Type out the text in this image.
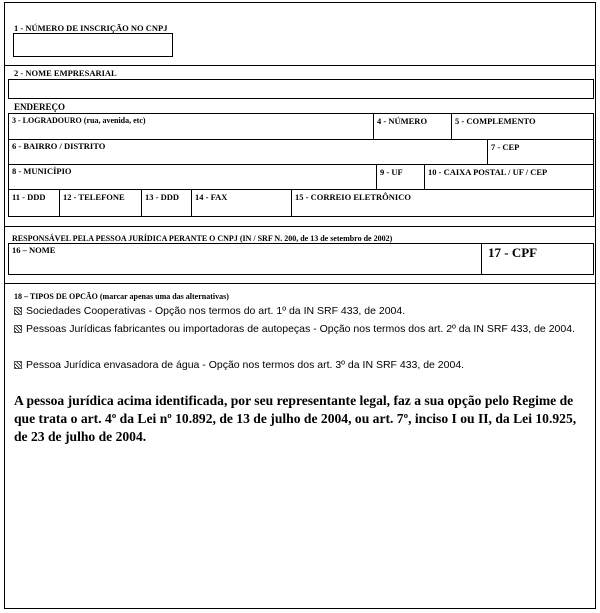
1 - NÚMERO DE INSCRIÇÃO NO CNPJ
2 - NOME EMPRESARIAL
ENDEREÇO
3 - LOGRADOURO (rua, avenida, etc)	4 - NÚMERO	5 - COMPLEMENTO
6 - BAIRRO / DISTRITO	7 - CEP
8 - MUNICÍPIO	9 - UF	10 - CAIXA POSTAL / UF / CEP
11 - DDD 12 - TELEFONE 13 - DDD 14 - FAX	15 - CORREIO ELETRÔNICO
RESPONSÁVEL PELA PESSOA JURÍDICA PERANTE O CNPJ (IN / SRF N. 200, de 13 de setembro de 2002)
16 – NOME	17 - CPF
18 – TIPOS DE OPCÃO (marcar apenas uma das alternativas)
Sociedades Cooperativas - Opção nos termos do art. 1º da IN SRF 433, de 2004.
Pessoas Jurídicas fabricantes ou importadoras de autopeças - Opção nos termos dos art. 2º da IN SRF 433, de 2004.
Pessoa Jurídica envasadora de água - Opção nos termos dos art. 3º da IN SRF 433, de 2004.
A pessoa jurídica acima identificada, por seu representante legal, faz a sua opção pelo Regime de que trata o art. 4º da Lei nº 10.892, de 13 de julho de 2004, ou art. 7º, inciso I ou II, da Lei 10.925, de 23 de julho de 2004.
